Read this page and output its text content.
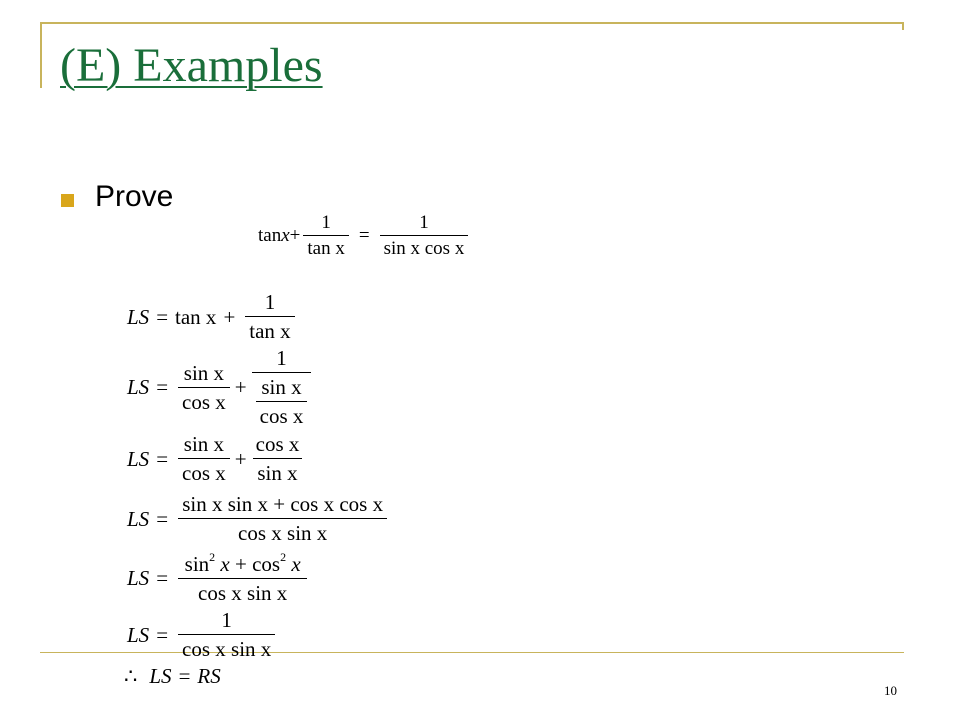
(E) Examples
Prove
$\tan x + \frac{1}{\text{tan x}} = \frac{1}{\text{sin x cos x}}$
LS = $\tan x + \frac{1}{\text{tan x}}$
LS = $\frac{\text{sin x}}{\text{cos x}} + \frac{1}{\frac{\text{sin x}}{\text{cos x}}}$
LS = $\frac{\text{sin x}}{\text{cos x}} + \frac{\text{cos x}}{\text{sin x}}$
LS = $\frac{\text{sin x sin x + cos x cos x}}{\text{cos x sin x}}$
LS = $\frac{\sin^2 x + \cos^2 x}{\text{cos x sin x}}$
LS = $\frac{1}{\text{cos x sin x}}$
∴ LS = RS
10
